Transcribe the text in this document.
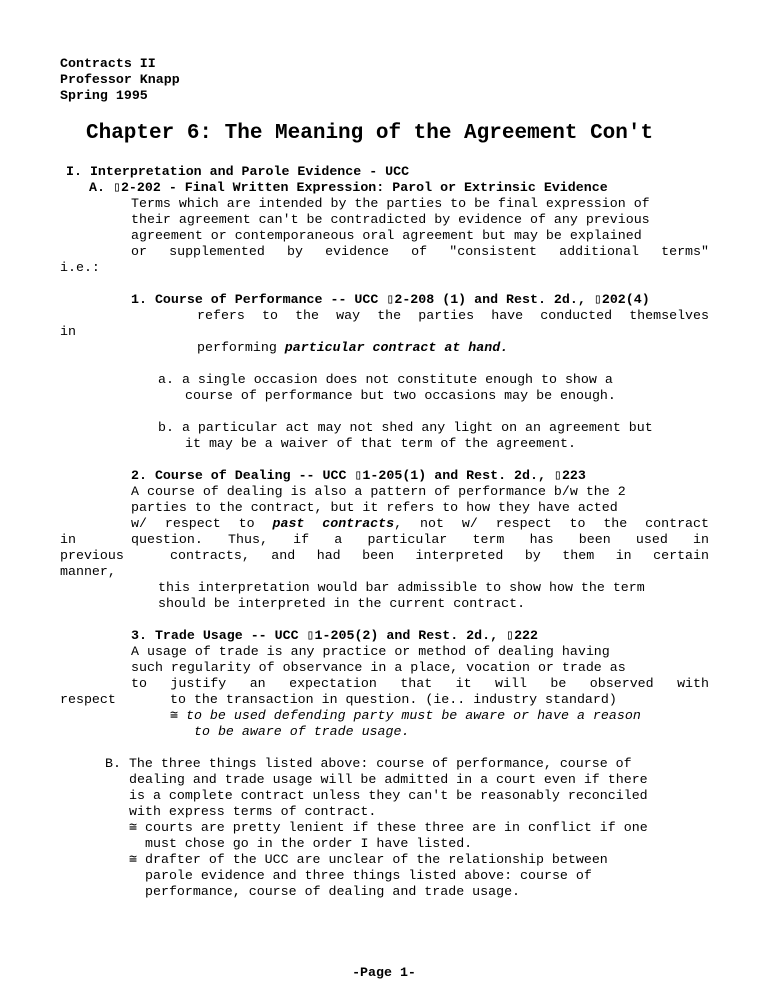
Contracts II
Professor Knapp
Spring 1995
Chapter 6: The Meaning of the Agreement Con't
I. Interpretation and Parole Evidence - UCC
A. ▯2-202 - Final Written Expression: Parol or Extrinsic Evidence
Terms which are intended by the parties to be final expression of
their agreement can't be contradicted by evidence of any previous
agreement or contemporaneous oral agreement but may be explained
or supplemented by evidence of "consistent additional terms"
i.e.:
1. Course of Performance -- UCC ▯2-208 (1) and Rest. 2d., ▯202(4)
refers to the way the parties have conducted themselves
in
performing particular contract at hand.
a. a single occasion does not constitute enough to show a
course of performance but two occasions may be enough.
b. a particular act may not shed any light on an agreement but
it may be a waiver of that term of the agreement.
2. Course of Dealing -- UCC ▯1-205(1) and Rest. 2d., ▯223
A course of dealing is also a pattern of performance b/w the 2
parties to the contract, but it refers to how they have acted
w/ respect to past contracts, not w/ respect to the contract
in	question. Thus, if a particular term has been used in
previous	contracts, and had been interpreted by them in certain
manner,
this interpretation would bar admissible to show how the term
should be interpreted in the current contract.
3. Trade Usage -- UCC ▯1-205(2) and Rest. 2d., ▯222
A usage of trade is any practice or method of dealing having
such regularity of observance in a place, vocation or trade as
to justify an expectation that it will be observed with
respect	to the transaction in question. (ie.. industry standard)
≅ to be used defending party must be aware or have a reason
to be aware of trade usage.
B. The three things listed above: course of performance, course of
dealing and trade usage will be admitted in a court even if there
is a complete contract unless they can't be reasonably reconciled
with express terms of contract.
≅ courts are pretty lenient if these three are in conflict if one
must chose go in the order I have listed.
≅ drafter of the UCC are unclear of the relationship between
parole evidence and three things listed above: course of
performance, course of dealing and trade usage.
-Page 1-
